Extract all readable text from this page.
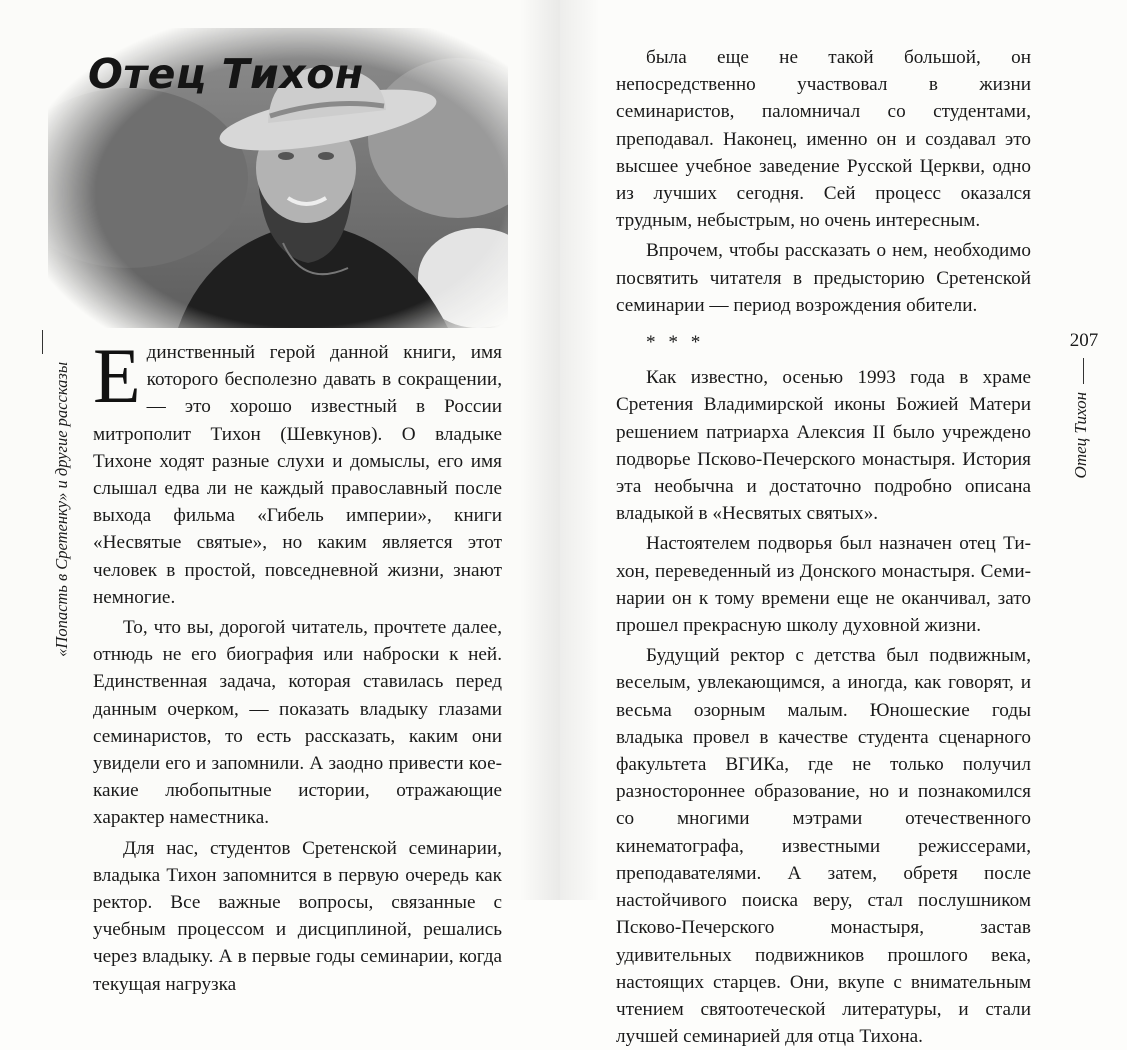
Отец Тихон
«Попасть в Сретенку» и другие рассказы Единственный герой данной книги, имя которого бесполезно давать в сокращении, — это хорошо известный в России митрополит Тихон (Шевкунов). О владыке Тихоне ходят разные слухи и домыслы, его имя слышал едва ли не каждый православный после выхода фильма «Гибель империи», книги «Несвятые святые», но каким является этот человек в простой, повседневной жизни, знают немногие.

То, что вы, дорогой читатель, прочтете далее, отнюдь не его биография или наброски к ней. Единственная задача, которая ставилась перед данным очерком, — показать владыку глазами семинаристов, то есть рассказать, каким они увидели его и запомнили. А заодно привести кое-какие любопытные истории, отражающие характер наместника.

Для нас, студентов Сретенской семинарии, владыка Тихон запомнится в первую очередь как ректор. Все важные вопросы, связанные с учебным процессом и дисциплиной, решались через владыку. А в первые годы семинарии, когда текущая нагрузка

была еще не такой большой, он непосредственно участвовал в жизни семинаристов, паломничал со студентами, преподавал. Наконец, именно он и создавал это высшее учебное заведение Русской Церкви, одно из лучших сегодня. Сей процесс оказался трудным, небыстрым, но очень интересным.

Впрочем, чтобы рассказать о нем, необходимо посвятить читателя в предысторию Сретенской семинарии — период возрождения обители.

* * *

Как известно, осенью 1993 года в храме Сретения Владимирской иконы Божией Матери решением патриарха Алексия II было учреждено подворье Псково-Печерского монастыря. История эта необычна и достаточно подробно описана владыкой в «Несвятых святых».

Настоятелем подворья был назначен отец Тихон, переведенный из Донского монастыря. Семинарии он к тому времени еще не оканчивал, зато прошел прекрасную школу духовной жизни.

Будущий ректор с детства был подвижным, веселым, увлекающимся, а иногда, как говорят, и весьма озорным малым. Юношеские годы владыка провел в качестве студента сценарного факультета ВГИКа, где не только получил разностороннее образование, но и познакомился со многими мэтрами отечественного кинематографа, известными режиссерами, преподавателями. А затем, обретя после настойчивого поиска веру, стал послушником Псково-Печерского монастыря, застав удивительных подвижников прошлого века, настоящих старцев. Они, вкупе с внимательным чтением святоотеческой литературы, и стали лучшей семинарией для отца Тихона.

207
Отец Тихон
